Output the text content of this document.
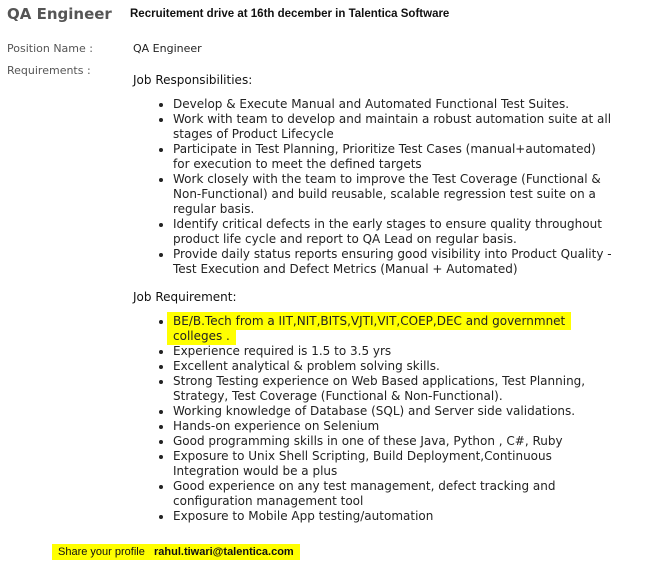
QA Engineer Recruitement drive at 16th december in Talentica Software
Position Name :	QA Engineer
Requirements :
Job Responsibilities:
• Develop & Execute Manual and Automated Functional Test Suites.
• Work with team to develop and maintain a robust automation suite at all stages of Product Lifecycle
• Participate in Test Planning, Prioritize Test Cases (manual+automated) for execution to meet the defined targets
• Work closely with the team to improve the Test Coverage (Functional & Non-Functional) and build reusable, scalable regression test suite on a regular basis.
• Identify critical defects in the early stages to ensure quality throughout product life cycle and report to QA Lead on regular basis.
• Provide daily status reports ensuring good visibility into Product Quality - Test Execution and Defect Metrics (Manual + Automated)
Job Requirement:
• BE/B.Tech from a IIT,NIT,BITS,VJTI,VIT,COEP,DEC and governmnet colleges .
• Experience required is 1.5 to 3.5 yrs
• Excellent analytical & problem solving skills.
• Strong Testing experience on Web Based applications, Test Planning, Strategy, Test Coverage (Functional & Non-Functional).
• Working knowledge of Database (SQL) and Server side validations.
• Hands-on experience on Selenium
• Good programming skills in one of these Java, Python , C#, Ruby
• Exposure to Unix Shell Scripting, Build Deployment,Continuous Integration would be a plus
• Good experience on any test management, defect tracking and configuration management tool
• Exposure to Mobile App testing/automation
Share your profile : rahul.tiwari@talentica.com
